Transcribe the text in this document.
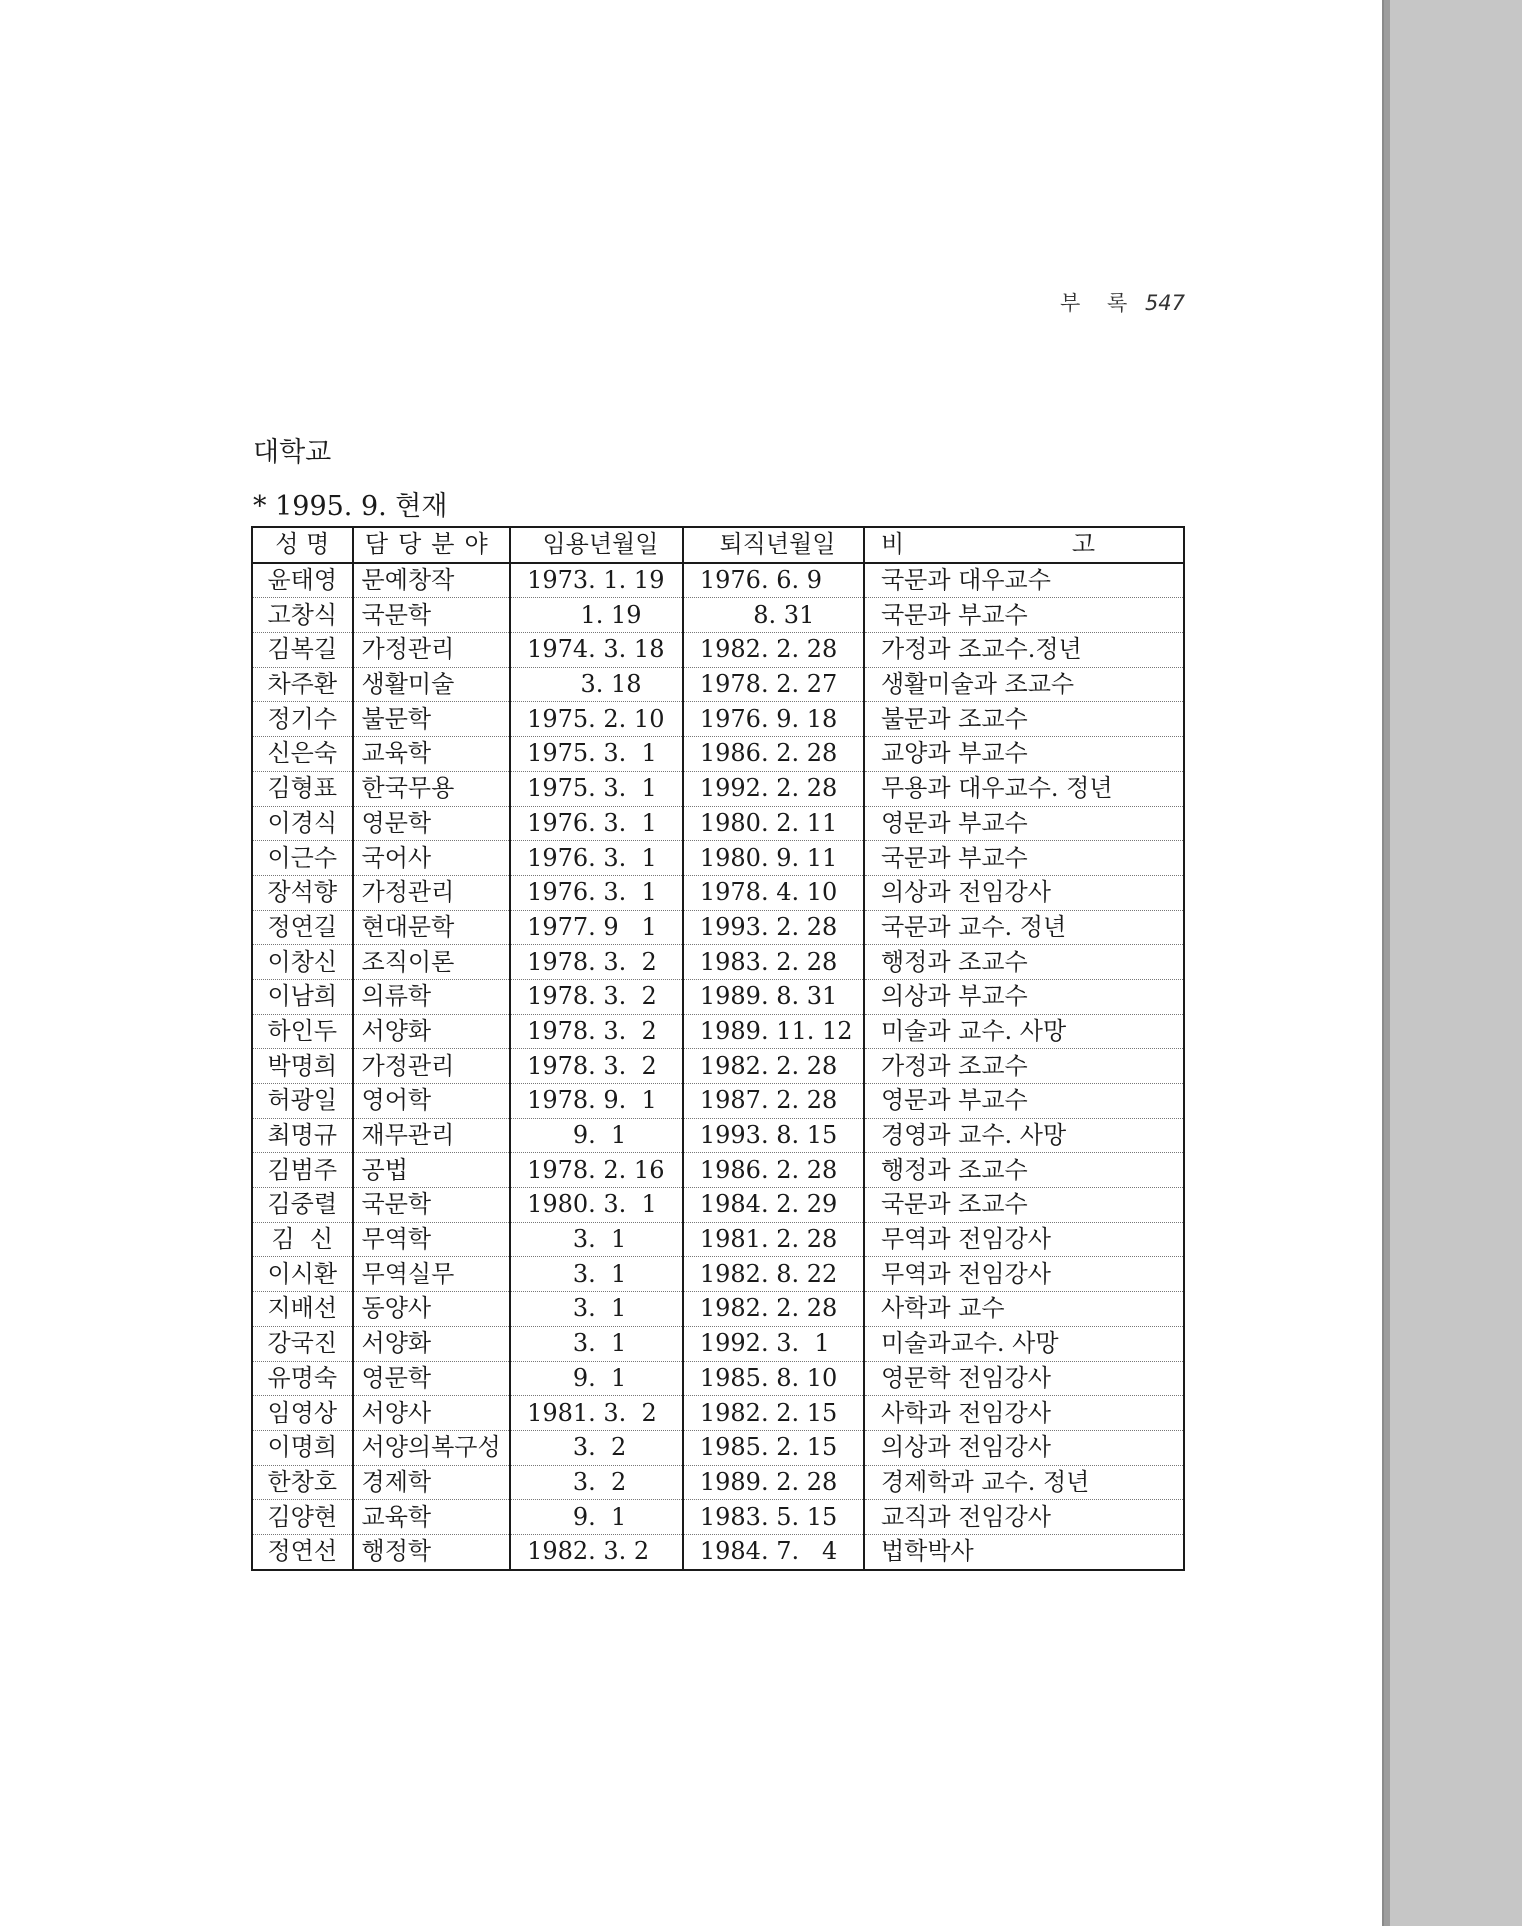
부 록 547
대학교
* 1995. 9. 현재
성 명	담당분야	임용년월일	퇴직년월일	비 고
윤태영	문예창작	1973. 1. 19	1976. 6. 9	국문과 대우교수
고창식	국문학	1. 19	8. 31	국문과 부교수
김복길	가정관리	1974. 3. 18	1982. 2. 28	가정과 조교수.정년
차주환	생활미술	3. 18	1978. 2. 27	생활미술과 조교수
정기수	불문학	1975. 2. 10	1976. 9. 18	불문과 조교수
신은숙	교육학	1975. 3.  1	1986. 2. 28	교양과 부교수
김형표	한국무용	1975. 3.  1	1992. 2. 28	무용과 대우교수. 정년
이경식	영문학	1976. 3.  1	1980. 2. 11	영문과 부교수
이근수	국어사	1976. 3.  1	1980. 9. 11	국문과 부교수
장석향	가정관리	1976. 3.  1	1978. 4. 10	의상과 전임강사
정연길	현대문학	1977. 9   1	1993. 2. 28	국문과 교수. 정년
이창신	조직이론	1978. 3.  2	1983. 2. 28	행정과 조교수
이남희	의류학	1978. 3.  2	1989. 8. 31	의상과 부교수
하인두	서양화	1978. 3.  2	1989. 11. 12	미술과 교수. 사망
박명희	가정관리	1978. 3.  2	1982. 2. 28	가정과 조교수
허광일	영어학	1978. 9.  1	1987. 2. 28	영문과 부교수
최명규	재무관리	9.  1	1993. 8. 15	경영과 교수. 사망
김범주	공법	1978. 2. 16	1986. 2. 28	행정과 조교수
김중렬	국문학	1980. 3.  1	1984. 2. 29	국문과 조교수
김  신	무역학	3.  1	1981. 2. 28	무역과 전임강사
이시환	무역실무	3.  1	1982. 8. 22	무역과 전임강사
지배선	동양사	3.  1	1982. 2. 28	사학과 교수
강국진	서양화	3.  1	1992. 3.  1	미술과교수. 사망
유명숙	영문학	9.  1	1985. 8. 10	영문학 전임강사
임영상	서양사	1981. 3.  2	1982. 2. 15	사학과 전임강사
이명희	서양의복구성	3.  2	1985. 2. 15	의상과 전임강사
한창호	경제학	3.  2	1989. 2. 28	경제학과 교수. 정년
김양현	교육학	9.  1	1983. 5. 15	교직과 전임강사
정연선	행정학	1982. 3. 2	1984. 7.   4	법학박사
